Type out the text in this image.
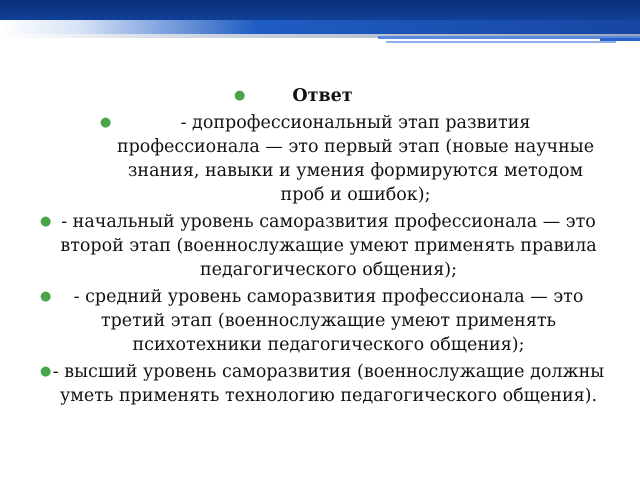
●	Ответ
●	- допрофессиональный этап развития профессионала — это первый этап (новые научные знания, навыки и умения формируются методом проб и ошибок);
● - начальный уровень саморазвития профессионала — это второй этап (военнослужащие умеют применять правила педагогического общения);
● - средний уровень саморазвития профессионала — это третий этап (военнослужащие умеют применять психотехники педагогического общения);
● - высший уровень саморазвития (военнослужащие должны уметь применять технологию педагогического общения).
